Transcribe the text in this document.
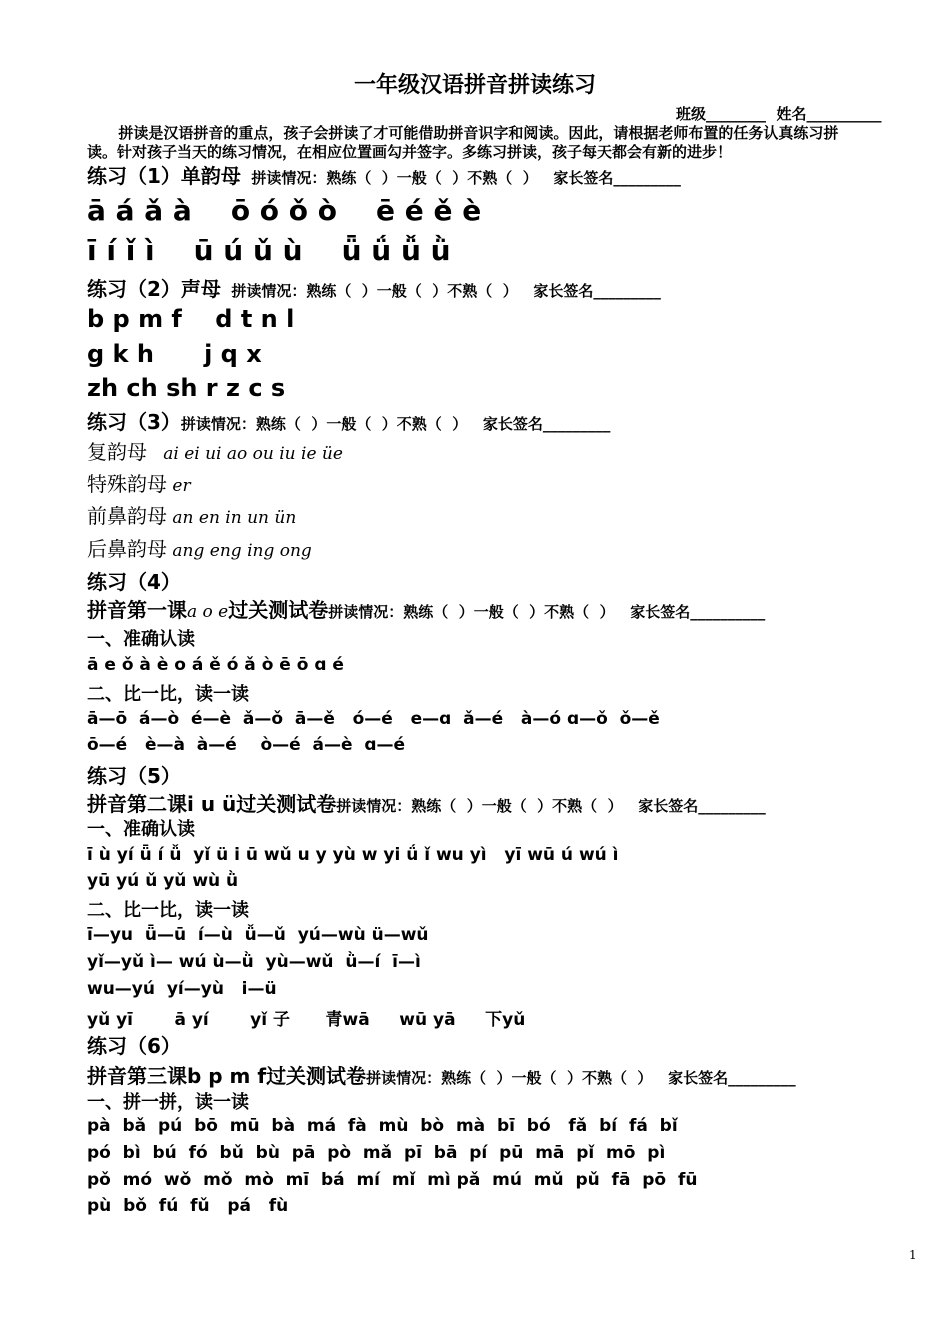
一年级汉语拼音拼读练习
班级________  姓名__________
拼读是汉语拼音的重点，孩子会拼读了才可能借助拼音识字和阅读。因此，请根据老师布置的任务认真练习拼
读。针对孩子当天的练习情况，在相应位置画勾并签字。多练习拼读，孩子每天都会有新的进步！
练习（1）单韵母  拼读情况：熟练（  ）一般（  ）不熟（  ）   家长签名_________
ā á ǎ à    ō ó ǒ ò    ē é ě è
ī í ǐ ì    ū ú ǔ ù    ǖ ǘ ǚ ǜ
练习（2）声母  拼读情况：熟练（  ）一般（  ）不熟（  ）   家长签名_________
b p m f    d t n l
g k h      j q x
zh ch sh r z c s
练习（3）拼读情况：熟练（  ）一般（  ）不熟（  ）   家长签名_________
复韵母   ai ei ui ao ou iu ie üe
特殊韵母 er
前鼻韵母 an en in un ün
后鼻韵母 ang eng ing ong
练习（4）
拼音第一课a o e过关测试卷拼读情况：熟练（  ）一般（  ）不熟（  ）   家长签名__________
一、准确认读
ā e ǒ à è o á ě ó ǎ ò ē ō ɑ é
二、比一比，读一读
ā—ō  á—ò  é—è  ǎ—ǒ  ā—ě   ó—é   e—ɑ  ǎ—é   à—ó ɑ—ǒ  ǒ—ě
ō—é   è—à  à—é    ò—é  á—è  ɑ—é
练习（5）
拼音第二课i u ü过关测试卷拼读情况：熟练（  ）一般（  ）不熟（  ）   家长签名_________
一、准确认读
ī ù yí ǖ í ǚ  yǐ ü i ū wǔ u y yù w yi ǘ ǐ wu yì   yī wū ú wú ì
yū yú ǔ yǔ wù ǜ
二、比一比，读一读
ī—yu  ǖ—ū  í—ù  ǚ—ǔ  yú—wù ü—wǔ
yǐ—yǔ ì— wú ù—ǜ  yù—wǔ  ǜ—í  ī—ì
wu—yú  yí—yù   i—ü
yǔ yī       ā yí       yǐ 子      青wā     wū yā     下yǔ
练习（6）
拼音第三课b p m f过关测试卷拼读情况：熟练（  ）一般（  ）不熟（  ）   家长签名_________
一、拼一拼，读一读
pà  bǎ  pú  bō  mū  bà  má  fà  mù  bò  mà  bī  bó   fǎ  bí  fá  bǐ
pó  bì  bú  fó  bǔ  bù  pā  pò  mǎ  pī  bā  pí  pū  mā  pǐ  mō  pì
pǒ  mó  wǒ  mǒ  mò  mī  bá  mí  mǐ  mì pǎ  mú  mǔ  pǔ  fā  pō  fū
pù  bǒ  fú  fǔ   pá   fù
1
